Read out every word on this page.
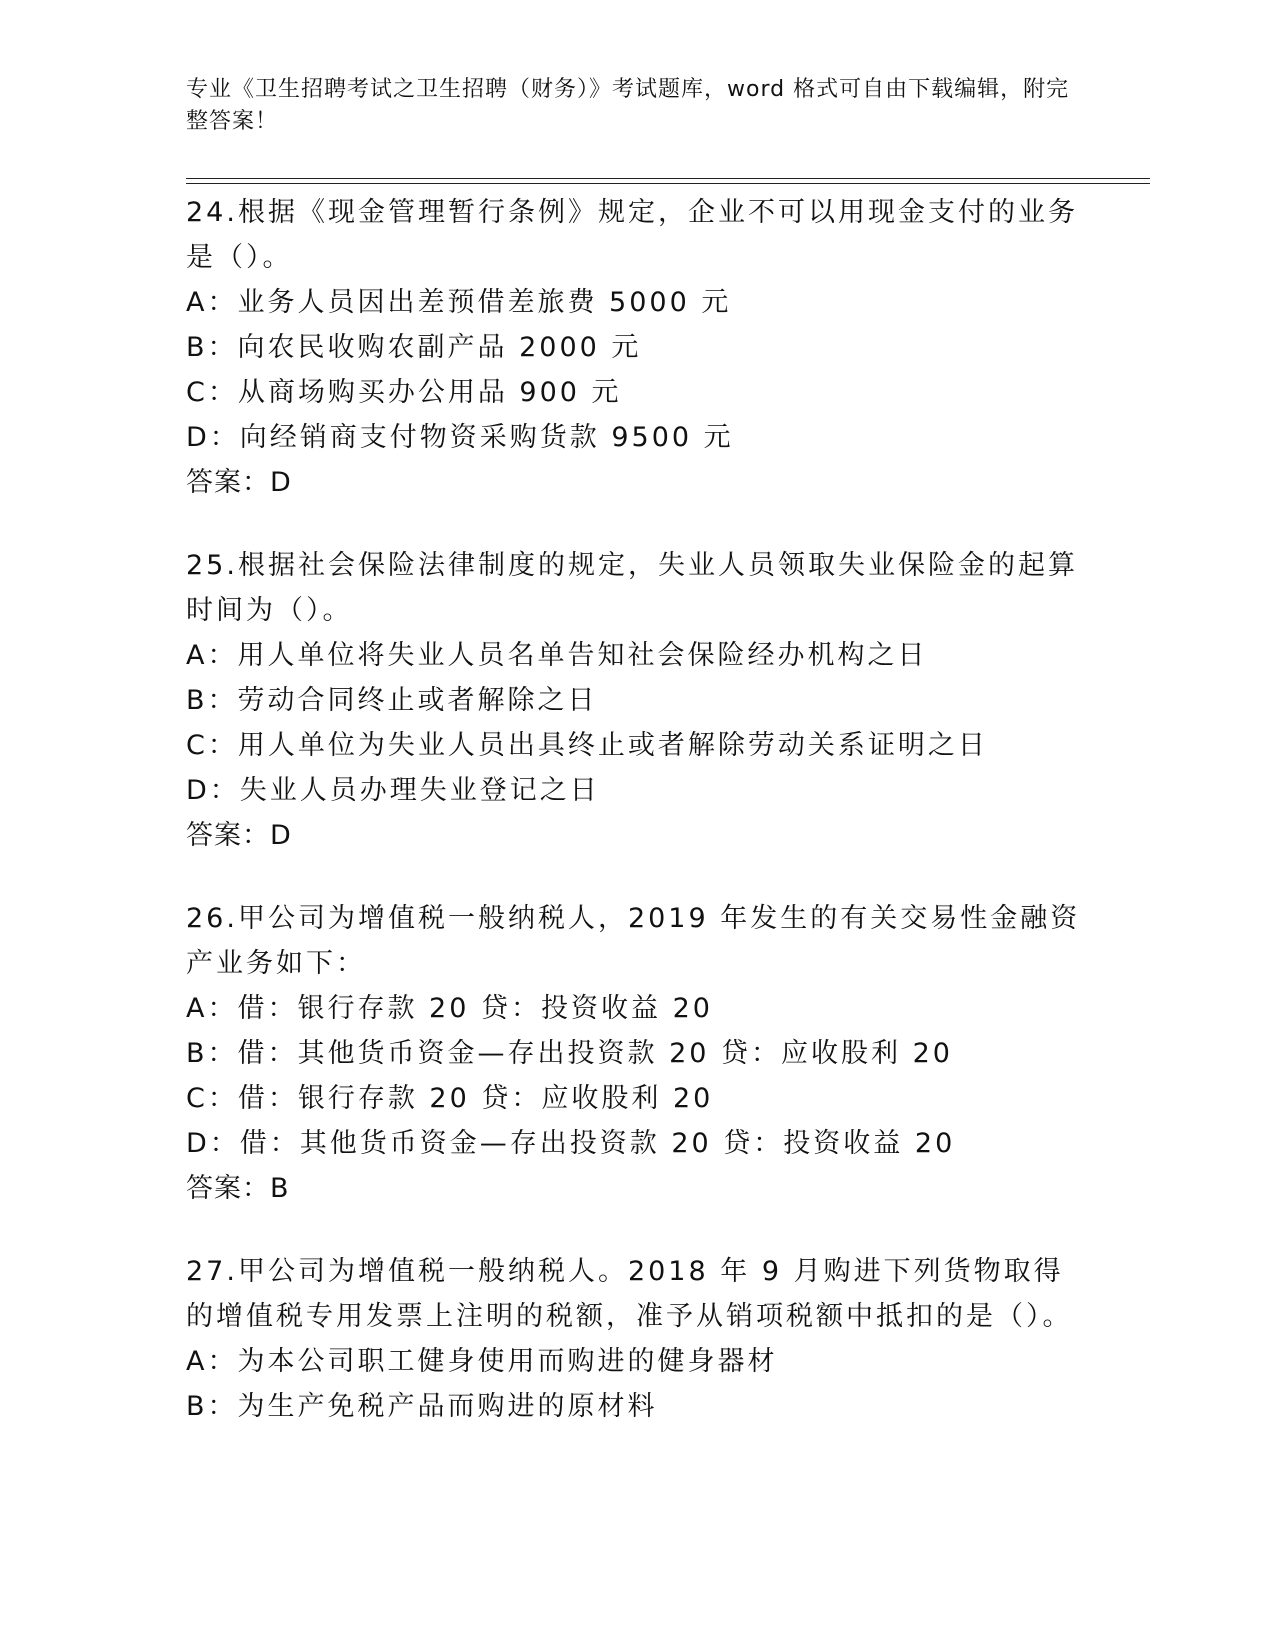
专业《卫生招聘考试之卫生招聘（财务）》考试题库，word 格式可自由下载编辑，附完整答案！
24.根据《现金管理暂行条例》规定，企业不可以用现金支付的业务是（）。
A：业务人员因出差预借差旅费 5000 元
B：向农民收购农副产品 2000 元
C：从商场购买办公用品 900 元
D：向经销商支付物资采购货款 9500 元
答案：D
25.根据社会保险法律制度的规定，失业人员领取失业保险金的起算时间为（）。
A：用人单位将失业人员名单告知社会保险经办机构之日
B：劳动合同终止或者解除之日
C：用人单位为失业人员出具终止或者解除劳动关系证明之日
D：失业人员办理失业登记之日
答案：D
26.甲公司为增值税一般纳税人，2019 年发生的有关交易性金融资产业务如下：
A：借：银行存款 20 贷：投资收益 20
B：借：其他货币资金—存出投资款 20 贷：应收股利 20
C：借：银行存款 20 贷：应收股利 20
D：借：其他货币资金—存出投资款 20 贷：投资收益 20
答案：B
27.甲公司为增值税一般纳税人。2018 年 9 月购进下列货物取得的增值税专用发票上注明的税额，准予从销项税额中抵扣的是（）。
A：为本公司职工健身使用而购进的健身器材
B：为生产免税产品而购进的原材料
